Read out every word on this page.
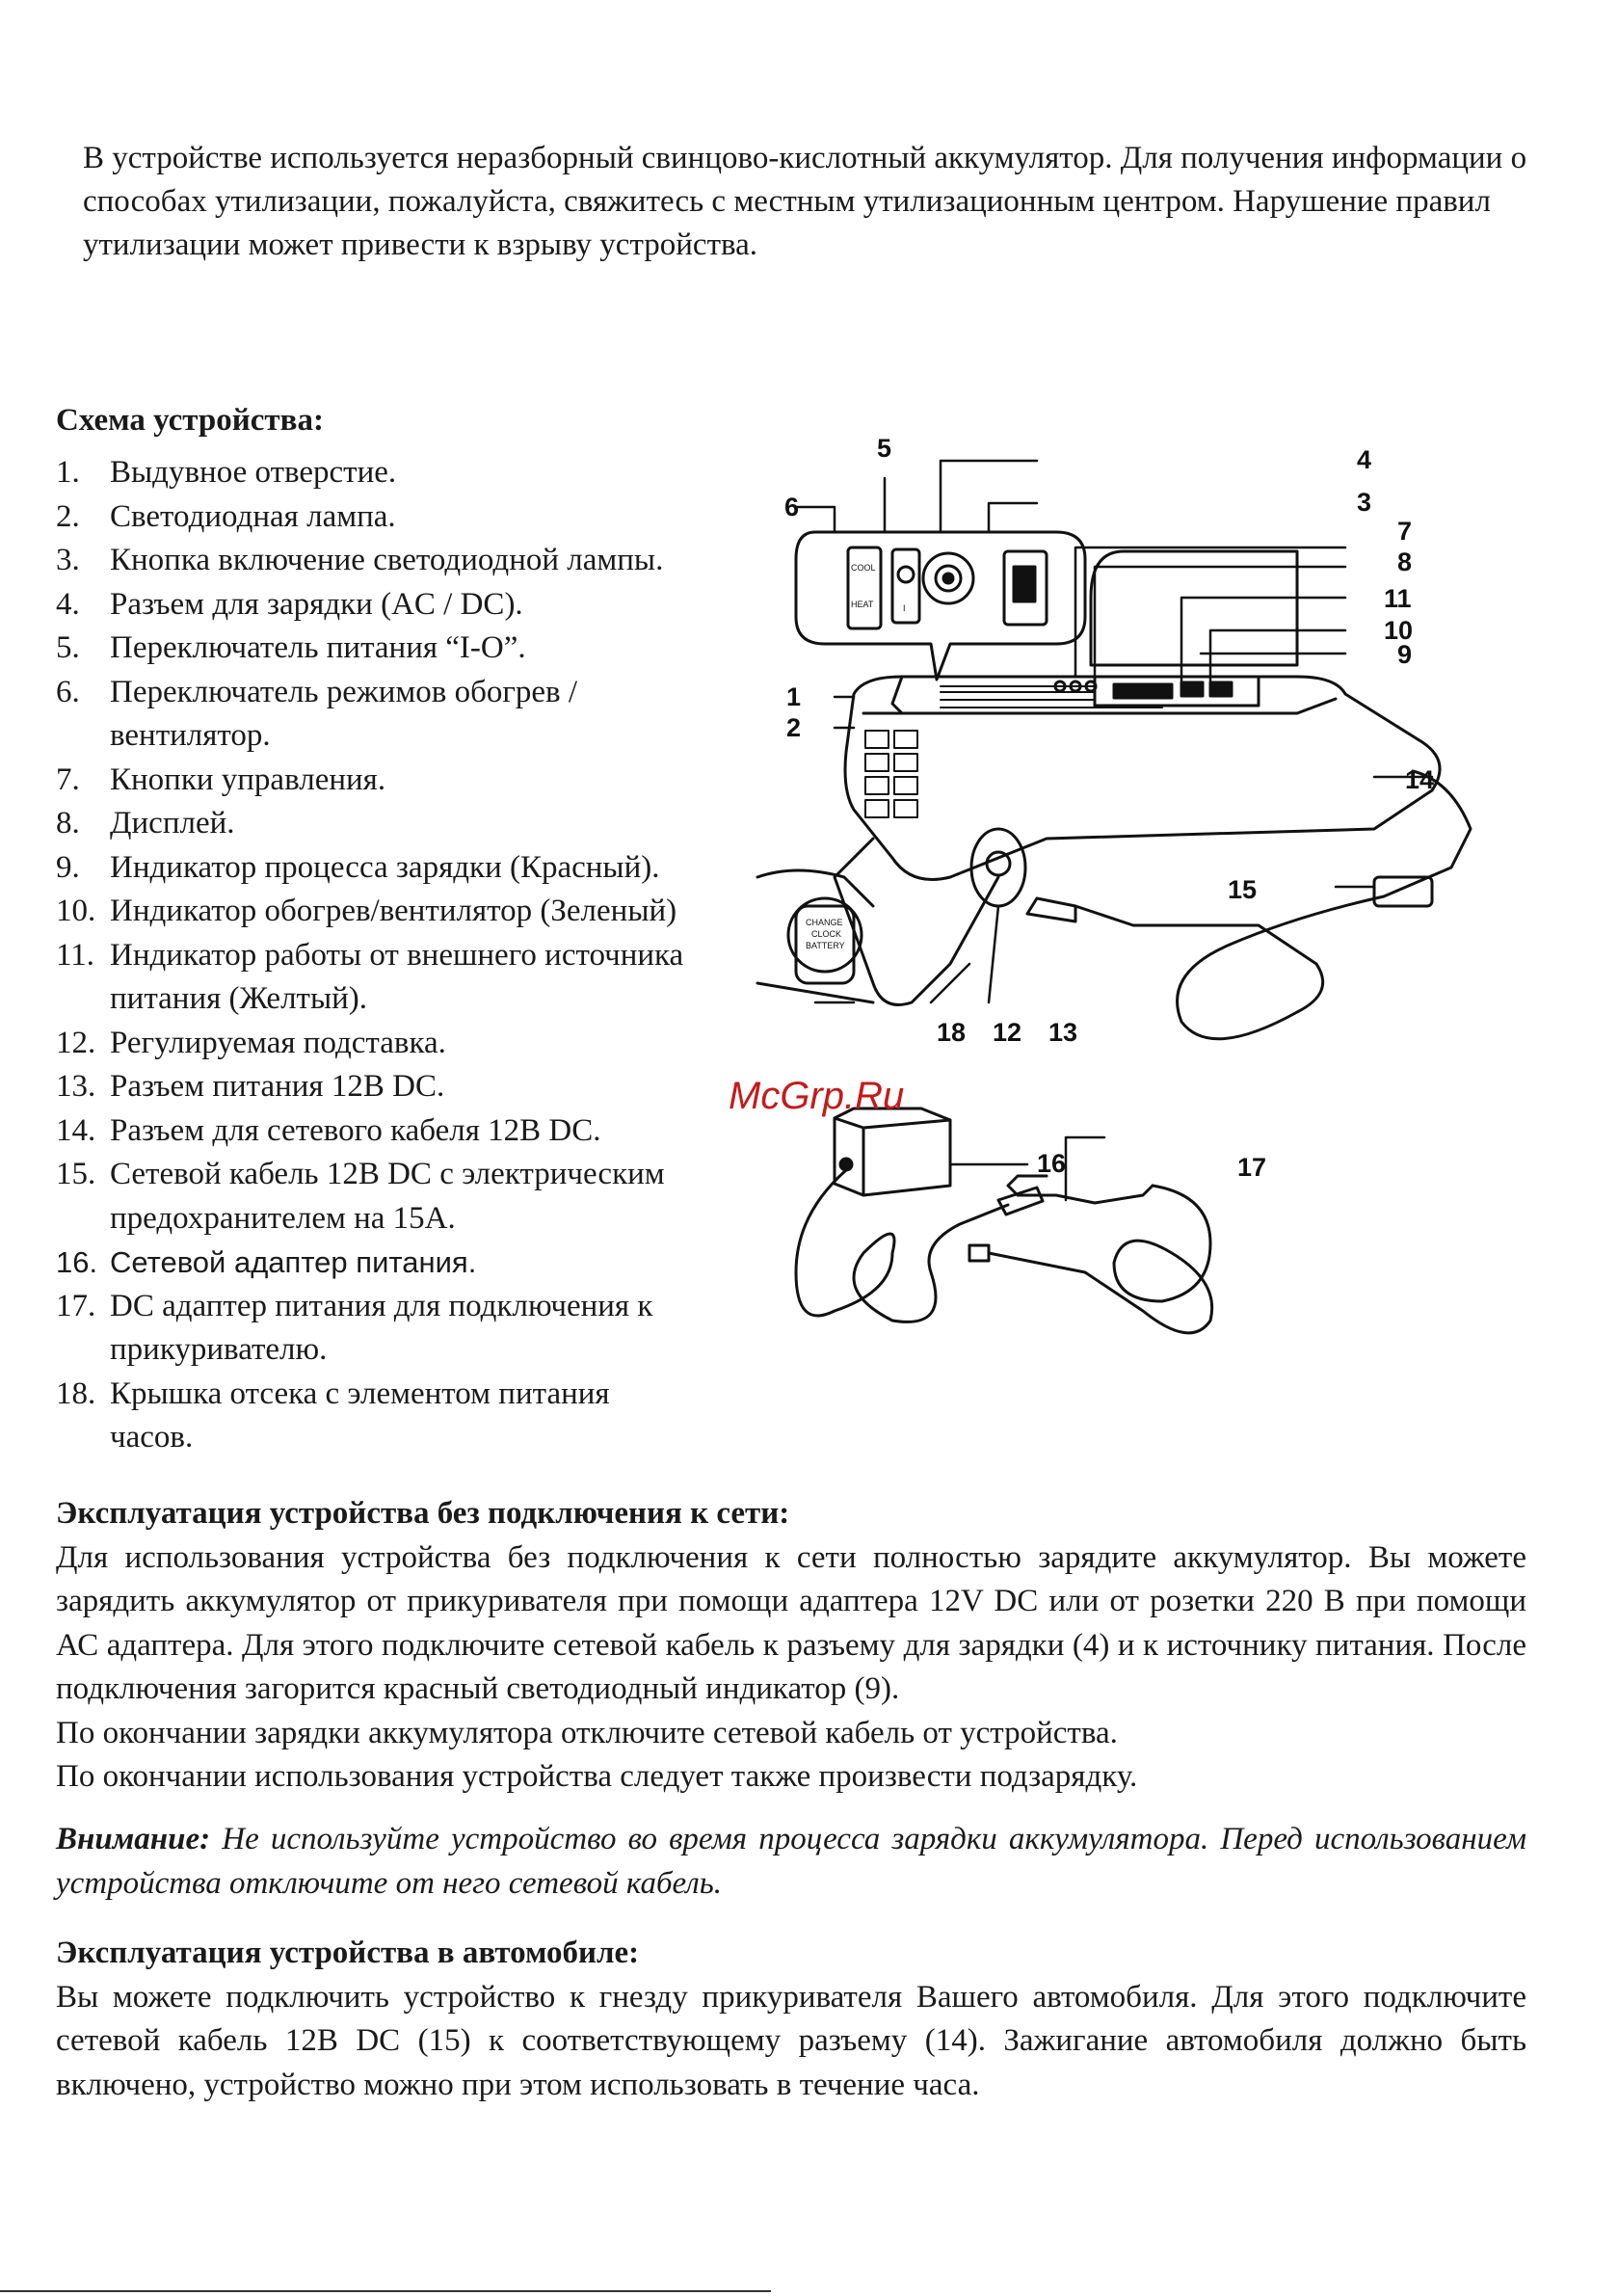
В устройстве используется неразборный свинцово-кислотный аккумулятор. Для получения информации о способах утилизации, пожалуйста, свяжитесь с местным утилизационным центром. Нарушение правил утилизации может привести к взрыву устройства.

Схема устройства:
1. Выдувное отверстие.
2. Светодиодная лампа.
3. Кнопка включение светодиодной лампы.
4. Разъем для зарядки (AC / DC).
5. Переключатель питания “I-O”.
6. Переключатель режимов обогрев / вентилятор.
7. Кнопки управления.
8. Дисплей.
9. Индикатор процесса зарядки (Красный).
10. Индикатор обогрев/вентилятор (Зеленый)
11. Индикатор работы от внешнего источника питания (Желтый).
12. Регулируемая подставка.
13. Разъем питания 12В DC.
14. Разъем для сетевого кабеля 12В DC.
15. Сетевой кабель 12В DC с электрическим предохранителем на 15А.
16. Сетевой адаптер питания.
17. DC адаптер питания для подключения к прикуривателю.
18. Крышка отсека с элементом питания часов.
COOL
HEAT	I
CHANGE
CLOCK
BATTERY
1
2
3
4
5
6
7
8
9
10
11
12 13
14
15
16	17
18
McGrp.Ru
Эксплуатация устройства без подключения к сети:

Для использования устройства без подключения к сети полностью зарядите аккумулятор. Вы можете зарядить аккумулятор от прикуривателя при помощи адаптера 12V DC или от розетки 220 В при помощи АС адаптера. Для этого подключите сетевой кабель к разъему для зарядки (4) и к источнику питания. После подключения загорится красный светодиодный индикатор (9).

По окончании зарядки аккумулятора отключите сетевой кабель от устройства.

По окончании использования устройства следует также произвести подзарядку.

Внимание: Не используйте устройство во время процесса зарядки аккумулятора. Перед использованием устройства отключите от него сетевой кабель.

Эксплуатация устройства в автомобиле:

Вы можете подключить устройство к гнезду прикуривателя Вашего автомобиля. Для этого подключите сетевой кабель 12В DC (15) к соответствующему разъему (14). Зажигание автомобиля должно быть включено, устройство можно при этом использовать в течение часа.
